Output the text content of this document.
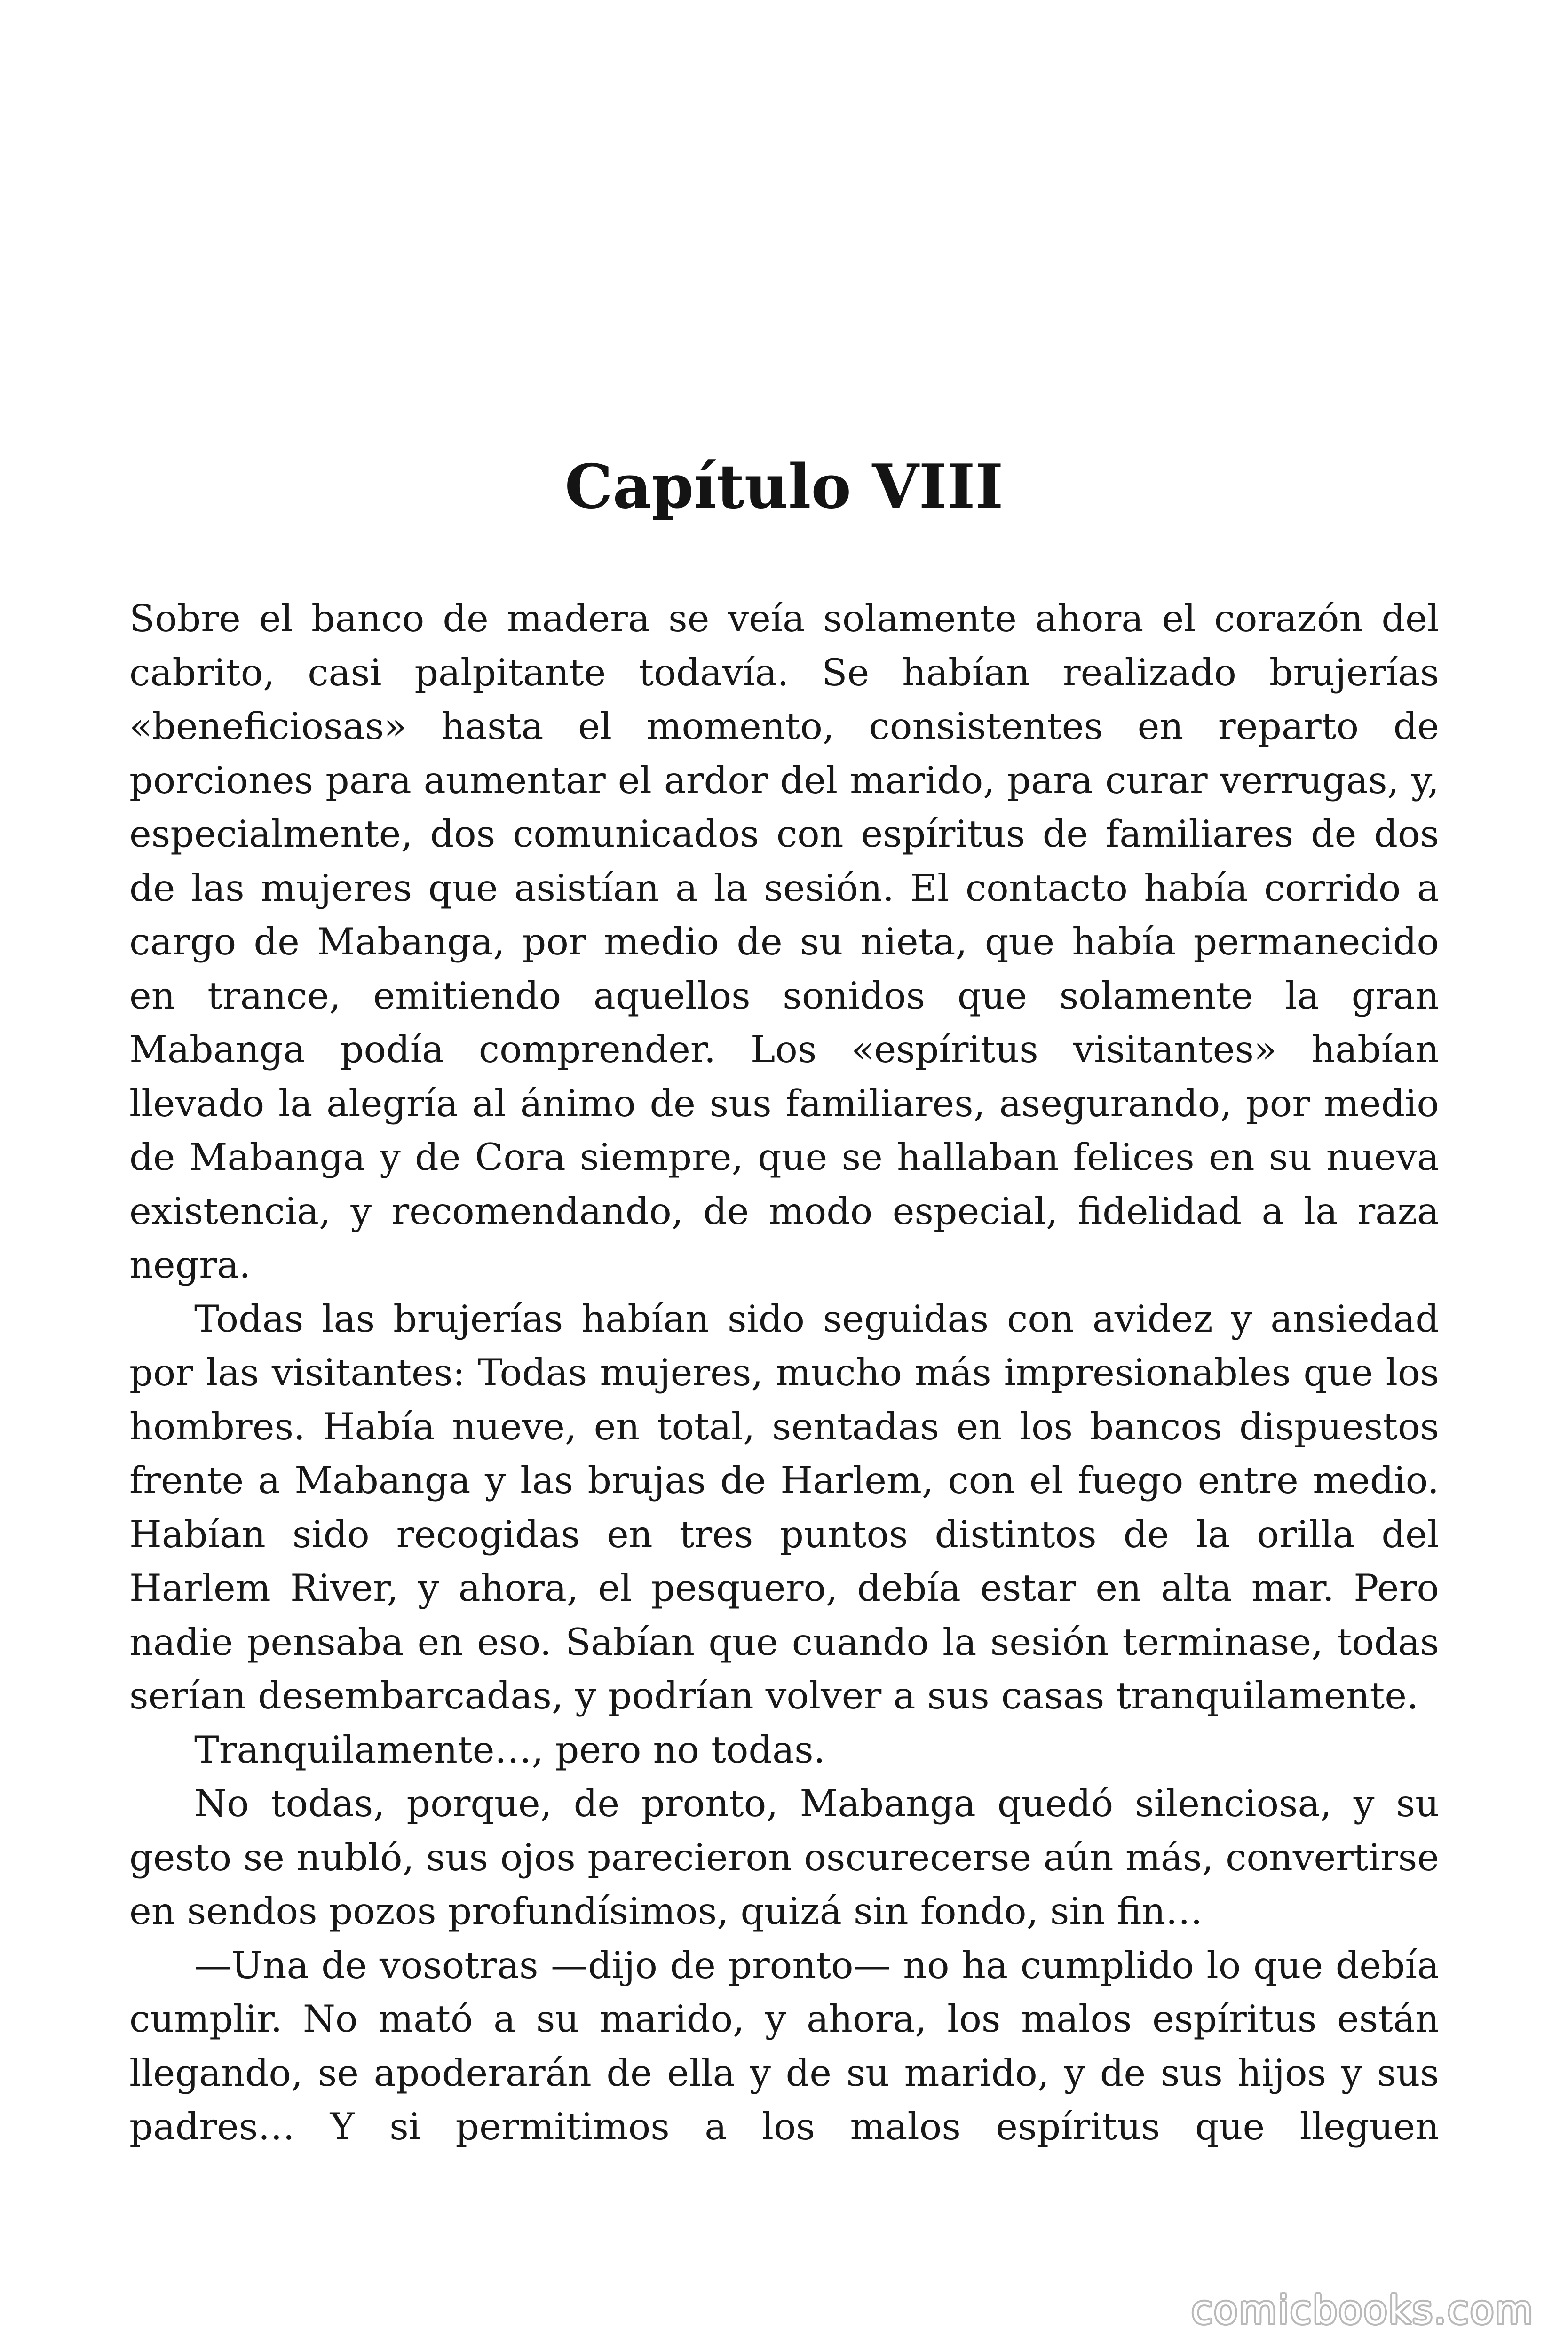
Capítulo VIII

Sobre el banco de madera se veía solamente ahora el corazón del cabrito, casi palpitante todavía. Se habían realizado brujerías «beneficiosas» hasta el momento, consistentes en reparto de porciones para aumentar el ardor del marido, para curar verrugas, y, especialmente, dos comunicados con espíritus de familiares de dos de las mujeres que asistían a la sesión. El contacto había corrido a cargo de Mabanga, por medio de su nieta, que había permanecido en trance, emitiendo aquellos sonidos que solamente la gran Mabanga podía comprender. Los «espíritus visitantes» habían llevado la alegría al ánimo de sus familiares, asegurando, por medio de Mabanga y de Cora siempre, que se hallaban felices en su nueva existencia, y recomendando, de modo especial, fidelidad a la raza negra.

Todas las brujerías habían sido seguidas con avidez y ansiedad por las visitantes: Todas mujeres, mucho más impresionables que los hombres. Había nueve, en total, sentadas en los bancos dispuestos frente a Mabanga y las brujas de Harlem, con el fuego entre medio. Habían sido recogidas en tres puntos distintos de la orilla del Harlem River, y ahora, el pesquero, debía estar en alta mar. Pero nadie pensaba en eso. Sabían que cuando la sesión terminase, todas serían desembarcadas, y podrían volver a sus casas tranquilamente.

Tranquilamente…, pero no todas.

No todas, porque, de pronto, Mabanga quedó silenciosa, y su gesto se nubló, sus ojos parecieron oscurecerse aún más, convertirse en sendos pozos profundísimos, quizá sin fondo, sin fin…

—Una de vosotras —dijo de pronto— no ha cumplido lo que debía cumplir. No mató a su marido, y ahora, los malos espíritus están llegando, se apoderarán de ella y de su marido, y de sus hijos y sus padres… Y si permitimos a los malos espíritus que lleguen

comicbooks.com
